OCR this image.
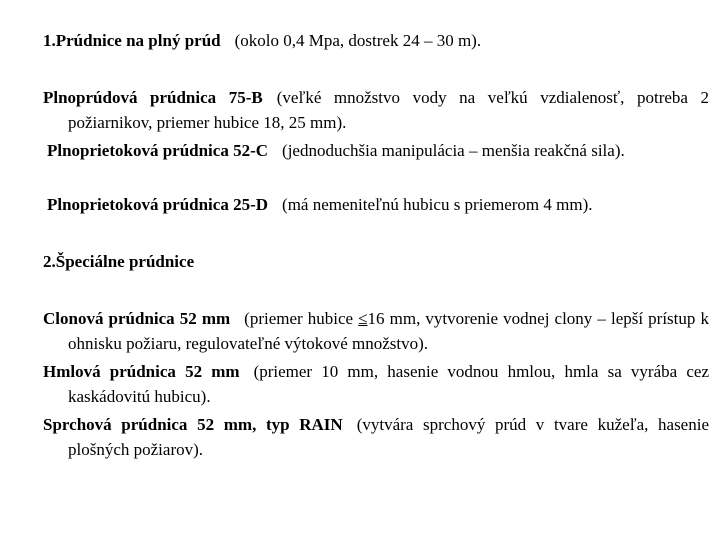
1.Prúdnice na plný prúd (okolo 0,4 Mpa, dostrek 24 – 30 m).
Plnoprúdová prúdnica 75-B (veľké množstvo vody na veľkú vzdialenosť, potreba 2 požiarnikov, priemer hubice 18, 25 mm).
Plnoprietoková prúdnica 52-C (jednoduchšia manipulácia – menšia reakčná sila).
Plnoprietoková prúdnica 25-D (má nemeniteľnú hubicu s priemerom 4 mm).
2.Špeciálne prúdnice
Clonová prúdnica 52 mm (priemer hubice ≤16 mm, vytvorenie vodnej clony – lepší prístup k ohnisku požiaru, regulovateľné výtokové množstvo).
Hmlová prúdnica 52 mm (priemer 10 mm, hasenie vodnou hmlou, hmla sa vyrába cez kaskádovitú hubicu).
Sprchová prúdnica 52 mm, typ RAIN (vytvára sprchový prúd v tvare kužeľa, hasenie plošných požiarov).
